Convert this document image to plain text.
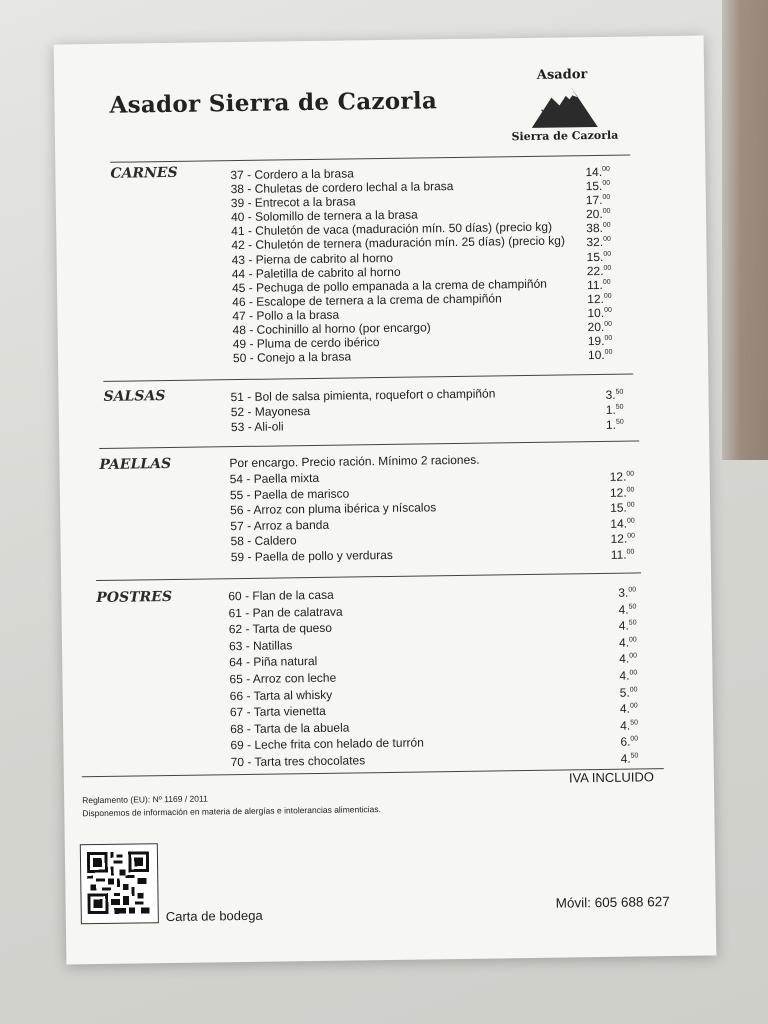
Asador Sierra de Cazorla
Asador
Sierra de Cazorla
CARNES	37 - Cordero a la brasa	14.00
38 - Chuletas de cordero lechal a la brasa	15.00
39 - Entrecot a la brasa	17.00
40 - Solomillo de ternera a la brasa	20.00
41 - Chuletón de vaca (maduración mín. 50 días) (precio kg)	38.00
42 - Chuletón de ternera (maduración mín. 25 días) (precio kg) 32.00
43 - Pierna de cabrito al horno	15.00
44 - Paletilla de cabrito al horno	22.00
45 - Pechuga de pollo empanada a la crema de champiñón	11.00
46 - Escalope de ternera a la crema de champiñón	12.00
47 - Pollo a la brasa	10.00
48 - Cochinillo al horno (por encargo)	20.00
49 - Pluma de cerdo ibérico	19.00
50 - Conejo a la brasa	10.00
SALSAS	51 - Bol de salsa pimienta, roquefort o champiñón	3.50
52 - Mayonesa	1.50
53 - Ali-oli	1.50
PAELLAS	Por encargo. Precio ración. Mínimo 2 raciones.
54 - Paella mixta	12.00
55 - Paella de marisco	12.00
56 - Arroz con pluma ibérica y níscalos	15.00
57 - Arroz a banda	14.00
58 - Caldero	12.00
59 - Paella de pollo y verduras	11.00
POSTRES	60 - Flan de la casa	3.00
61 - Pan de calatrava	4.50
62 - Tarta de queso	4.50
63 - Natillas	4.00
64 - Piña natural	4.00
65 - Arroz con leche	4.00
66 - Tarta al whisky	5.00
67 - Tarta vienetta	4.00
68 - Tarta de la abuela	4.50
69 - Leche frita con helado de turrón	6.00
70 - Tarta tres chocolates	4.50
IVA INCLUIDO
Reglamento (EU): Nº 1169 / 2011
Disponemos de información en materia de alergías e intolerancias alimenticias.
Carta de bodega
Móvil: 605 688 627
